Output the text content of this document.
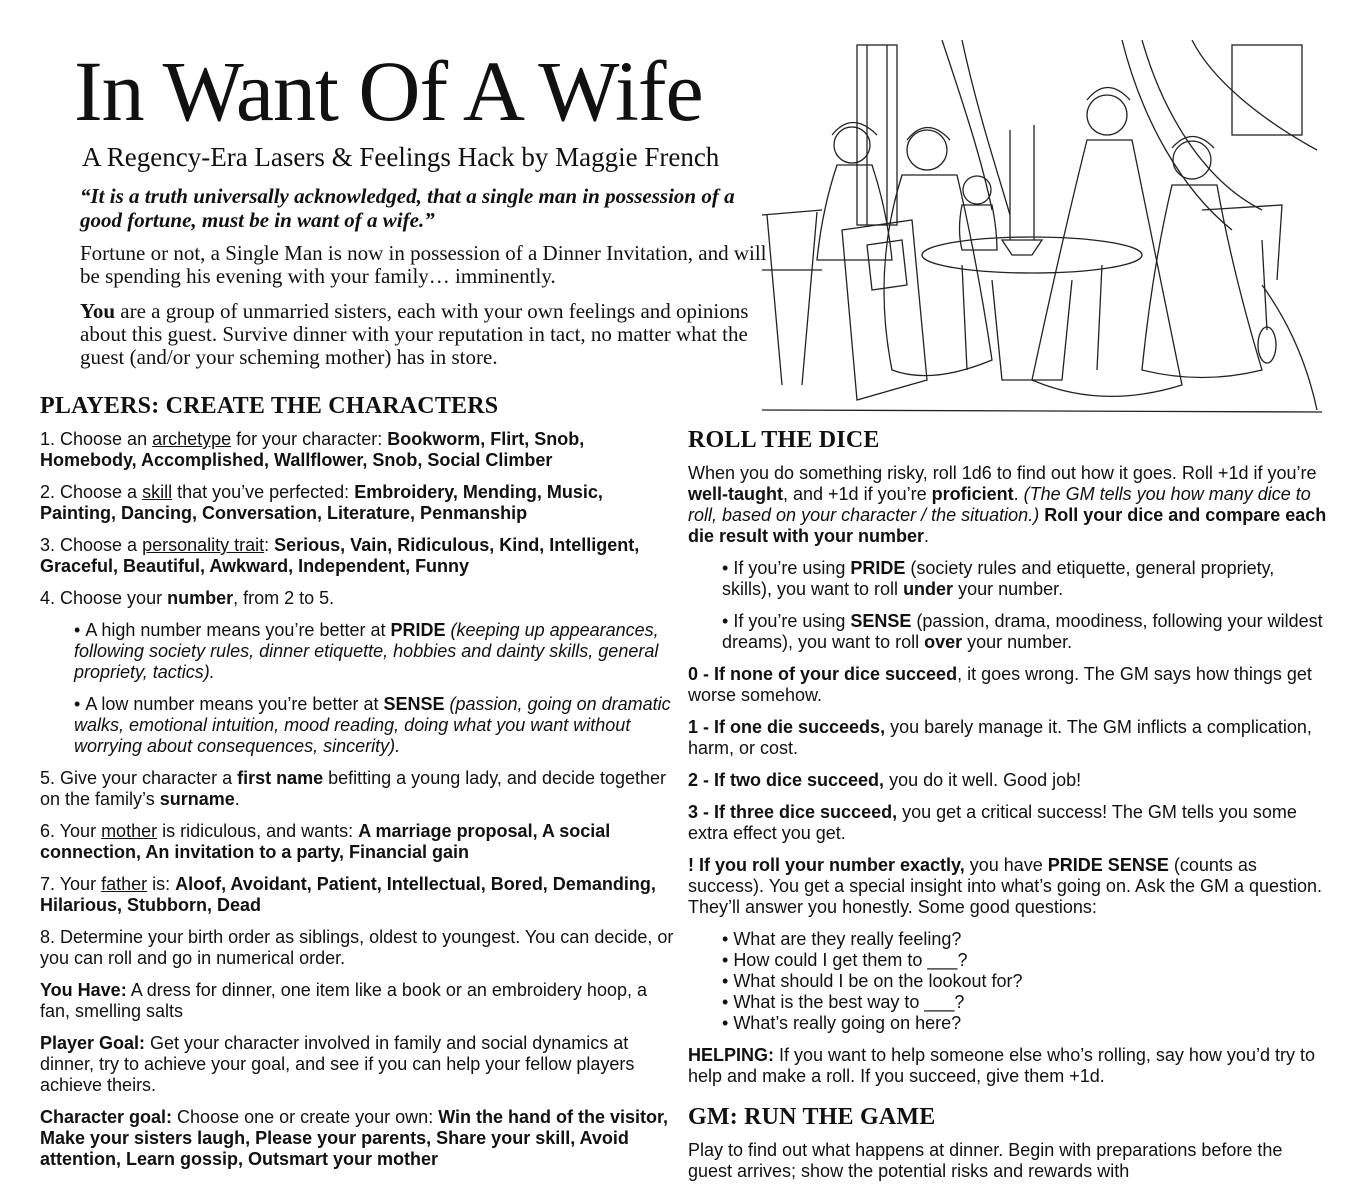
In Want Of A Wife
A Regency-Era Lasers & Feelings Hack by Maggie French

“It is a truth universally acknowledged, that a single man in possession of a good fortune, must be in want of a wife.”

Fortune or not, a Single Man is now in possession of a Dinner Invitation, and will be spending his evening with your family… imminently.

You are a group of unmarried sisters, each with your own feelings and opinions about this guest. Survive dinner with your reputation in tact, no matter what the guest (and/or your scheming mother) has in store.

PLAYERS: CREATE THE CHARACTERS

1. Choose an archetype for your character: Bookworm, Flirt, Snob, Homebody, Accomplished, Wallflower, Snob, Social Climber

2. Choose a skill that you’ve perfected: Embroidery, Mending, Music, Painting, Dancing, Conversation, Literature, Penmanship

3. Choose a personality trait: Serious, Vain, Ridiculous, Kind, Intelligent, Graceful, Beautiful, Awkward, Independent, Funny

4. Choose your number, from 2 to 5.

• A high number means you’re better at PRIDE (keeping up appearances, following society rules, dinner etiquette, hobbies and dainty skills, general propriety, tactics).

• A low number means you’re better at SENSE (passion, going on dramatic walks, emotional intuition, mood reading, doing what you want without worrying about consequences, sincerity).

5. Give your character a first name befitting a young lady, and decide together on the family’s surname.

6. Your mother is ridiculous, and wants: A marriage proposal, A social connection, An invitation to a party, Financial gain

7. Your father is: Aloof, Avoidant, Patient, Intellectual, Bored, Demanding, Hilarious, Stubborn, Dead

8. Determine your birth order as siblings, oldest to youngest. You can decide, or you can roll and go in numerical order.

You Have: A dress for dinner, one item like a book or an embroidery hoop, a fan, smelling salts

Player Goal: Get your character involved in family and social dynamics at dinner, try to achieve your goal, and see if you can help your fellow players achieve theirs.

Character goal: Choose one or create your own: Win the hand of the visitor, Make your sisters laugh, Please your parents, Share your skill, Avoid attention, Learn gossip, Outsmart your mother

ROLL THE DICE

When you do something risky, roll 1d6 to find out how it goes. Roll +1d if you’re well-taught, and +1d if you’re proficient. (The GM tells you how many dice to roll, based on your character / the situation.) Roll your dice and compare each die result with your number.

• If you’re using PRIDE (society rules and etiquette, general propriety, skills), you want to roll under your number.

• If you’re using SENSE (passion, drama, moodiness, following your wildest dreams), you want to roll over your number.

0 - If none of your dice succeed, it goes wrong. The GM says how things get worse somehow.

1 - If one die succeeds, you barely manage it. The GM inflicts a complication, harm, or cost.

2 - If two dice succeed, you do it well. Good job!

3 - If three dice succeed, you get a critical success! The GM tells you some extra effect you get.

! If you roll your number exactly, you have PRIDE SENSE (counts as success). You get a special insight into what’s going on. Ask the GM a question. They’ll answer you honestly. Some good questions:

• What are they really feeling?
• How could I get them to ___?
• What should I be on the lookout for?
• What is the best way to ___?
• What’s really going on here?

HELPING: If you want to help someone else who’s rolling, say how you’d try to help and make a roll. If you succeed, give them +1d.

GM: RUN THE GAME

Play to find out what happens at dinner. Begin with preparations before the guest arrives; show the potential risks and rewards with
